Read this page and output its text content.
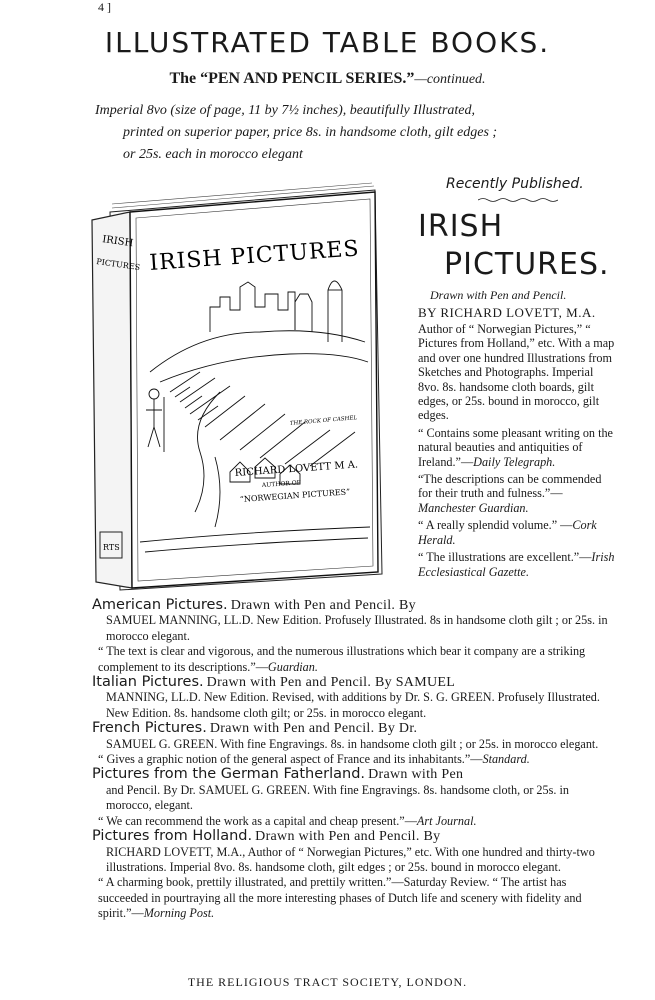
4 ]
ILLUSTRATED TABLE BOOKS.
The “PEN AND PENCIL SERIES.”—continued.
Imperial 8vo (size of page, 11 by 7½ inches), beautifully Illustrated,
printed on superior paper, price 8s. in handsome cloth, gilt edges ;
or 25s. each in morocco elegant
IRISH
PICTURES
RTS
IRISH PICTURES
THE ROCK OF CASHEL
RICHARD LOVETT M A.
AUTHOR OF
“NORWEGIAN PICTURES”
Recently Published.
IRISH
PICTURES.
Drawn with Pen and Pencil.
BY RICHARD LOVETT, M.A.

Author of “ Norwegian Pictures,” “ Pictures from Holland,” etc. With a map and over one hundred Illustrations from Sketches and Photographs. Imperial 8vo. 8s. handsome cloth boards, gilt edges, or 25s. bound in morocco, gilt edges.

“ Contains some pleasant writing on the natural beauties and antiquities of Ireland.”—Daily Telegraph.

“The descriptions can be commended for their truth and fulness.”—Manchester Guardian.

“ A really splendid volume.” —Cork Herald.

“ The illustrations are excellent.”—Irish Ecclesiastical Gazette.

American Pictures. Drawn with Pen and Pencil. By
SAMUEL MANNING, LL.D. New Edition. Profusely Illustrated. 8s in handsome cloth gilt ; or 25s. in morocco elegant.
“ The text is clear and vigorous, and the numerous illustrations which bear it company are a striking complement to its descriptions.”—Guardian.

Italian Pictures. Drawn with Pen and Pencil. By SAMUEL
MANNING, LL.D. New Edition. Revised, with additions by Dr. S. G. GREEN. Profusely Illustrated. New Edition. 8s. handsome cloth gilt; or 25s. in morocco elegant.

French Pictures. Drawn with Pen and Pencil. By Dr.
SAMUEL G. GREEN. With fine Engravings. 8s. in handsome cloth gilt ; or 25s. in morocco elegant.
“ Gives a graphic notion of the general aspect of France and its inhabitants.”—Standard.

Pictures from the German Fatherland. Drawn with Pen
and Pencil. By Dr. SAMUEL G. GREEN. With fine Engravings. 8s. handsome cloth, or 25s. in morocco, elegant.
“ We can recommend the work as a capital and cheap present.”—Art Journal.

Pictures from Holland. Drawn with Pen and Pencil. By
RICHARD LOVETT, M.A., Author of “ Norwegian Pictures,” etc. With one hundred and thirty-two illustrations. Imperial 8vo. 8s. handsome cloth, gilt edges ; or 25s. bound in morocco elegant.
“ A charming book, prettily illustrated, and prettily written.”—Saturday Review. “ The artist has succeeded in pourtraying all the more interesting phases of Dutch life and scenery with fidelity and spirit.”—Morning Post.

THE RELIGIOUS TRACT SOCIETY, LONDON.
